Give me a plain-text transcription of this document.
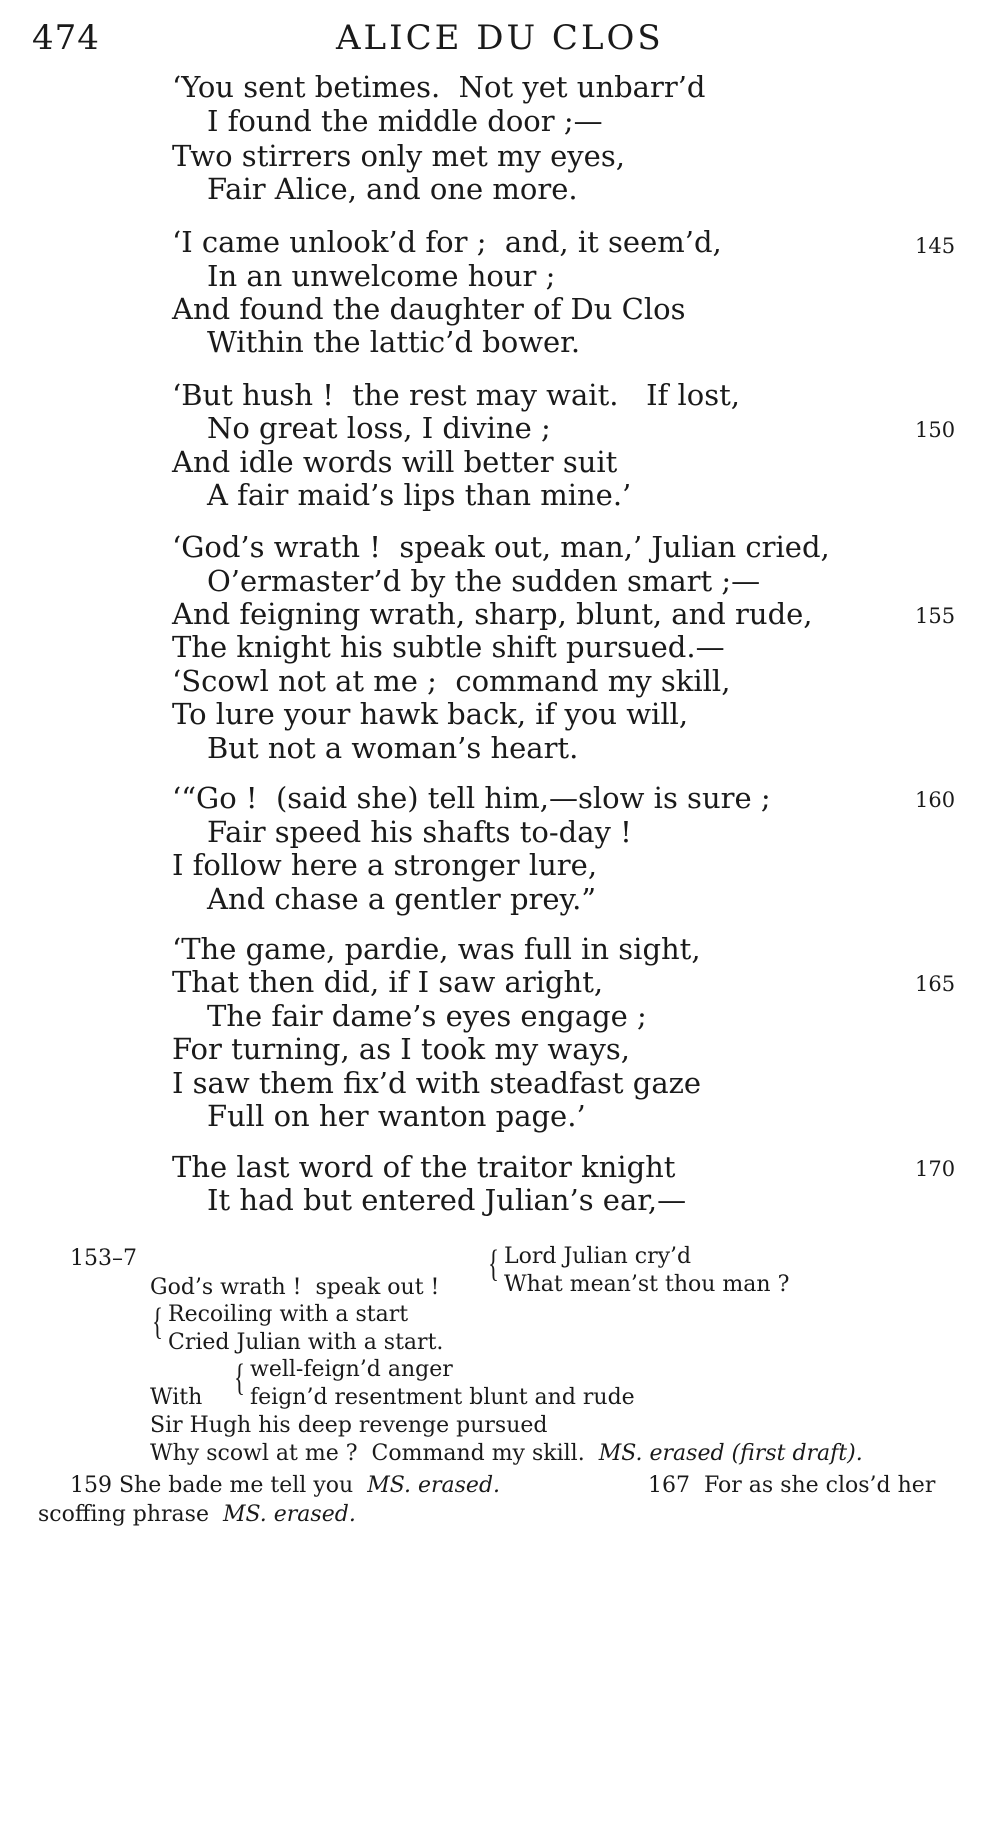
474	ALICE DU CLOS
‘You sent betimes.  Not yet unbarr’d
I found the middle door ;—
Two stirrers only met my eyes,
Fair Alice, and one more.
‘I came unlook’d for ;  and, it seem’d,
In an unwelcome hour ;
And found the daughter of Du Clos
Within the lattic’d bower.
‘But hush !  the rest may wait.   If lost,
No great loss, I divine ;
And idle words will better suit
A fair maid’s lips than mine.’
‘God’s wrath !  speak out, man,’ Julian cried,
O’ermaster’d by the sudden smart ;—
And feigning wrath, sharp, blunt, and rude,
The knight his subtle shift pursued.—
‘Scowl not at me ;  command my skill,
To lure your hawk back, if you will,
But not a woman’s heart.
‘“Go !  (said she) tell him,—slow is sure ;
Fair speed his shafts to-day !
I follow here a stronger lure,
And chase a gentler prey.”
‘The game, pardie, was full in sight,
That then did, if I saw aright,
The fair dame’s eyes engage ;
For turning, as I took my ways,
I saw them fix’d with steadfast gaze
Full on her wanton page.’
The last word of the traitor knight
It had but entered Julian’s ear,—
145
150
155
160
165
170
153–7	{ Lord Julian cry’d
God’s wrath !  speak out !	What mean’st thou man ?
{ Recoiling with a start
Cried Julian with a start.
{ well-feign’d anger
With feign’d resentment blunt and rude
Sir Hugh his deep revenge pursued
Why scowl at me ?  Command my skill. MS. erased (first draft).
159 She bade me tell you MS. erased.	167  For as she clos’d her
scoffing phrase MS. erased.
